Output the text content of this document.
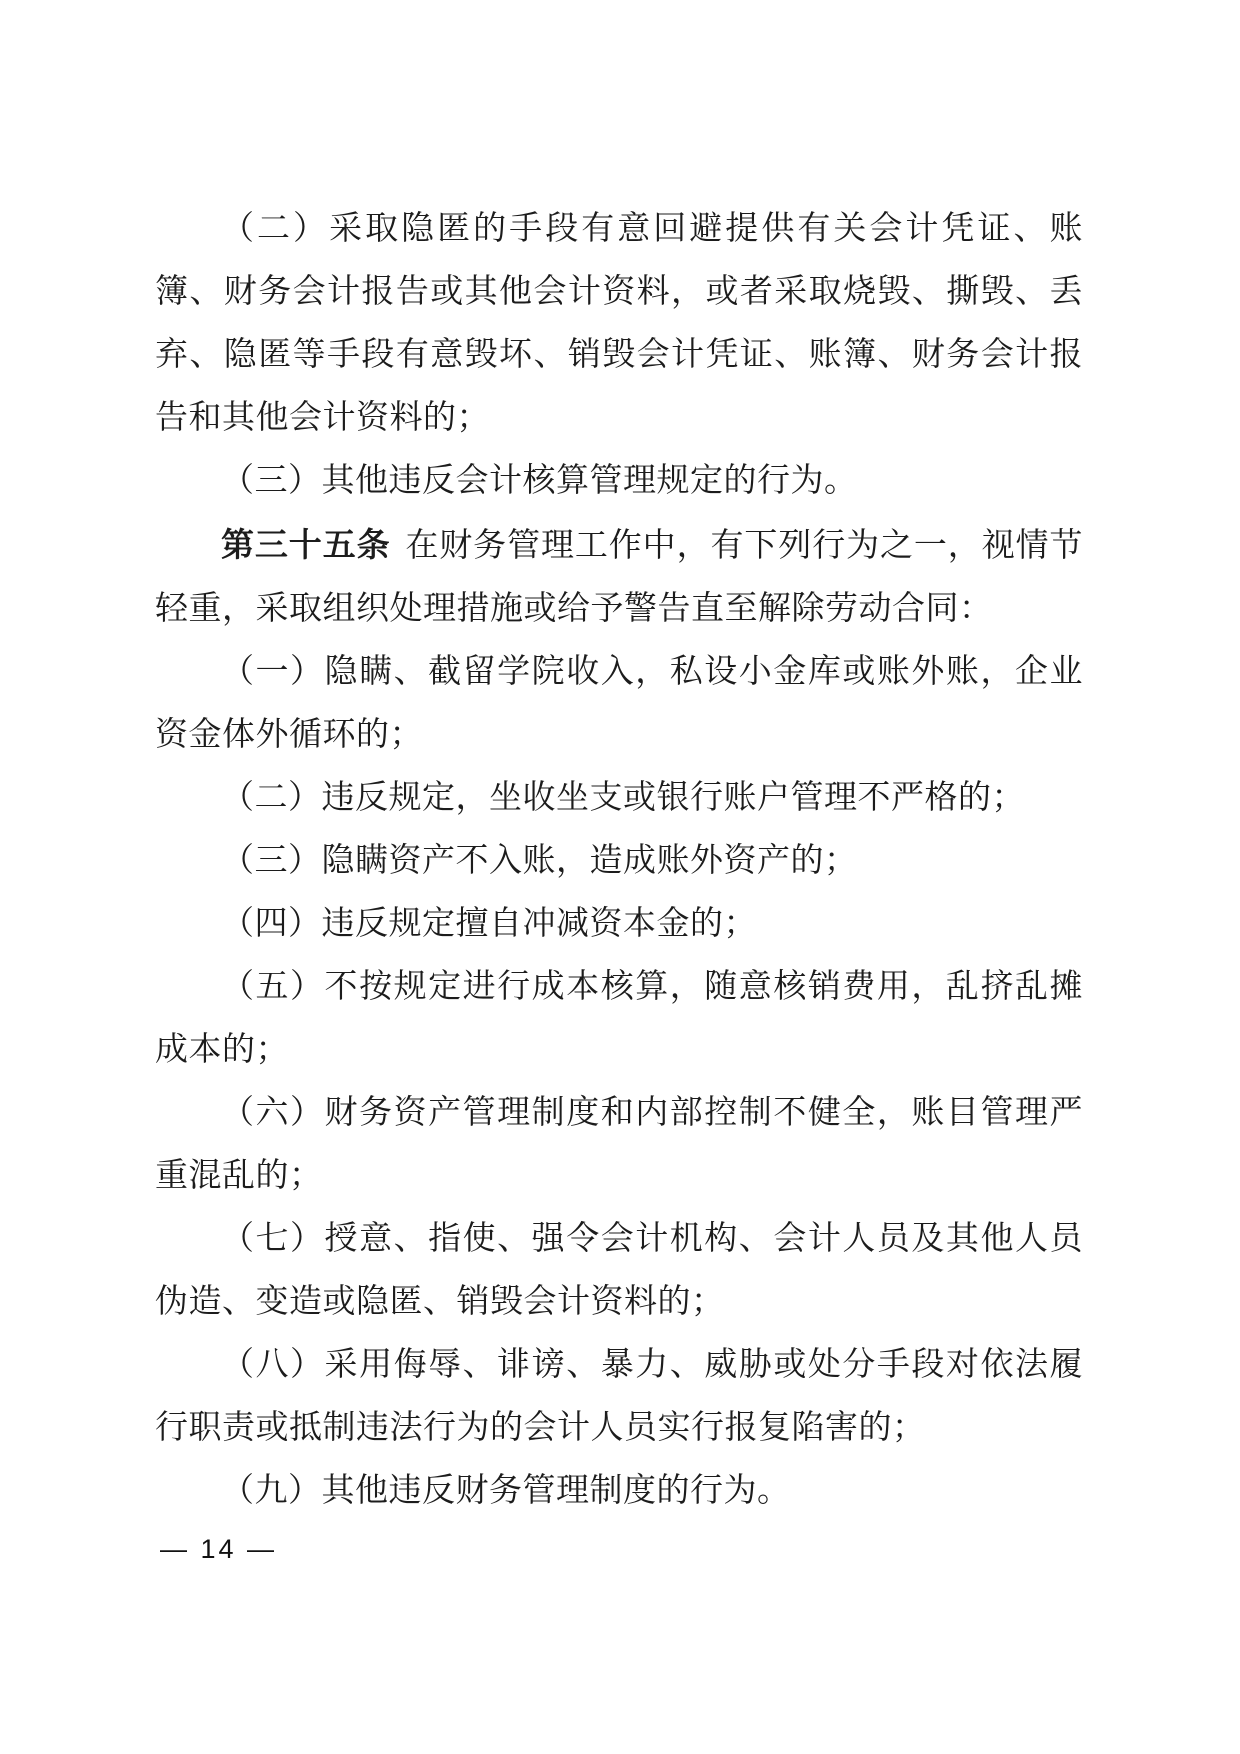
（二）采取隐匿的手段有意回避提供有关会计凭证、账簿、财务会计报告或其他会计资料，或者采取烧毁、撕毁、丢弃、隐匿等手段有意毁坏、销毁会计凭证、账簿、财务会计报告和其他会计资料的；

（三）其他违反会计核算管理规定的行为。

第三十五条 在财务管理工作中，有下列行为之一，视情节轻重，采取组织处理措施或给予警告直至解除劳动合同：

（一）隐瞒、截留学院收入，私设小金库或账外账，企业资金体外循环的；

（二）违反规定，坐收坐支或银行账户管理不严格的；

（三）隐瞒资产不入账，造成账外资产的；

（四）违反规定擅自冲减资本金的；

（五）不按规定进行成本核算，随意核销费用，乱挤乱摊成本的；

（六）财务资产管理制度和内部控制不健全，账目管理严重混乱的；

（七）授意、指使、强令会计机构、会计人员及其他人员伪造、变造或隐匿、销毁会计资料的；

（八）采用侮辱、诽谤、暴力、威胁或处分手段对依法履行职责或抵制违法行为的会计人员实行报复陷害的；

（九）其他违反财务管理制度的行为。

— 14 —
